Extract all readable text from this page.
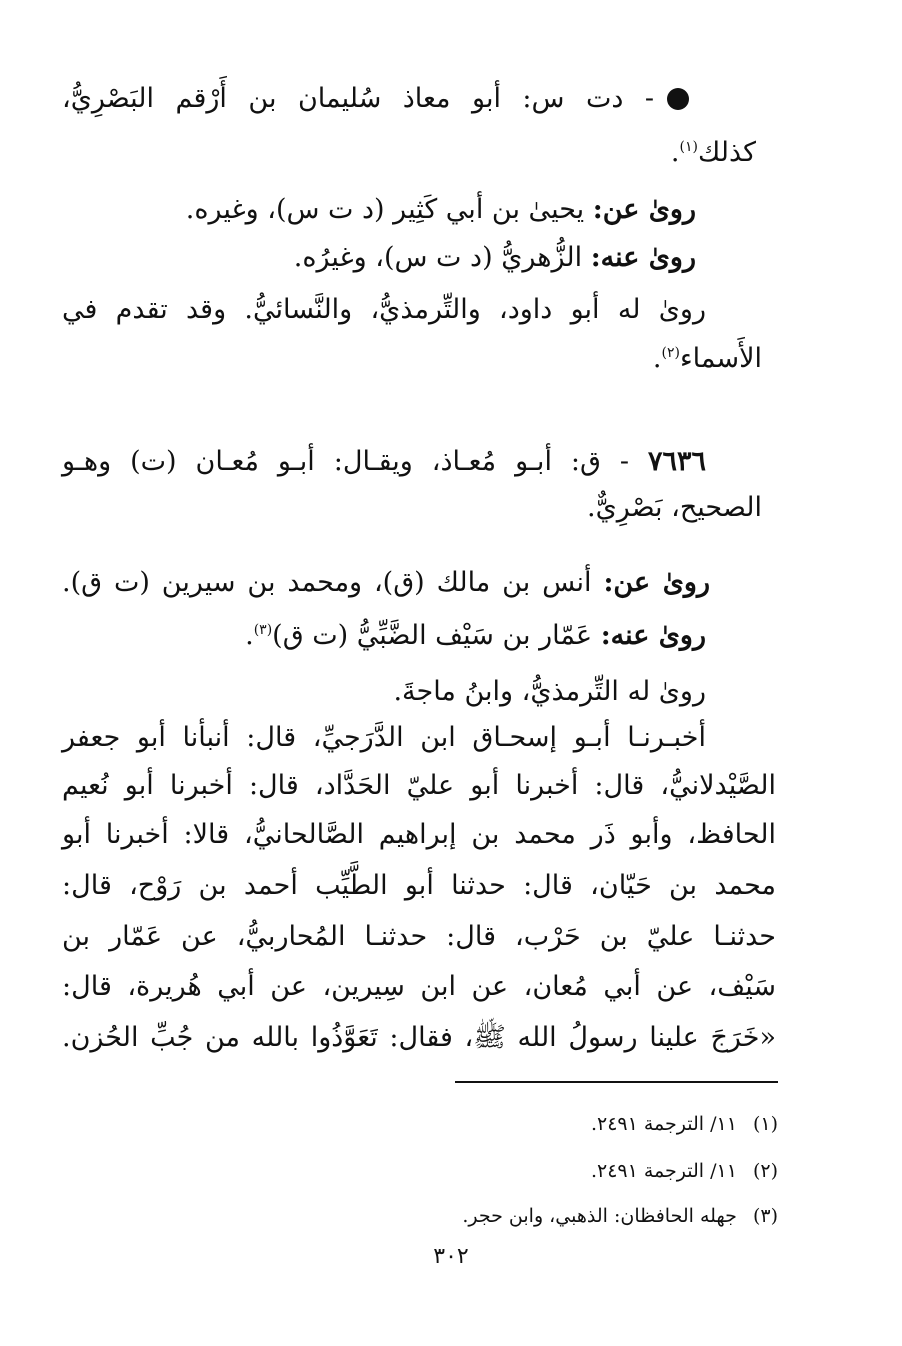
- دت س: أبو معاذ سُليمان بن أَرْقم البَصْرِيُّ،
كذلك$^{(١)}$.
روىٰ عن: يحيىٰ بن أبي كَثِير (د ت س)، وغيره.
روىٰ عنه: الزُّهريُّ (د ت س)، وغيرُه.
روىٰ له أبو داود، والتِّرمذيُّ، والنَّسائيُّ. وقد تقدم في
الأَسماء$^{(٢)}$.
٧٦٣٦ - ق: أبـو مُعـاذ، ويقـال: أبـو مُعـان (ت) وهـو
الصحيح، بَصْرِيٌّ.
روىٰ عن: أنس بن مالك (ق)، ومحمد بن سيرين (ت ق).
روىٰ عنه: عَمّار بن سَيْف الضَّبِّيُّ (ت ق)$^{(٣)}$.
روىٰ له التِّرمذيُّ، وابنُ ماجةَ.
أخبـرنـا أبـو إسحـاق ابن الدَّرَجيِّ، قال: أنبأنا أبو جعفر
الصَّيْدلانيُّ، قال: أخبرنا أبو عليّ الحَدَّاد، قال: أخبرنا أبو نُعيم
الحافظ، وأبو ذَر محمد بن إبراهيم الصَّالحانيُّ، قالا: أخبرنا أبو
محمد بن حَيّان، قال: حدثنا أبو الطَّيِّب أحمد بن رَوْح، قال:
حدثنـا عليّ بن حَرْب، قال: حدثنـا المُحاربيُّ، عن عَمّار بن
سَيْف، عن أبي مُعان، عن ابن سِيرين، عن أبي هُريرة، قال:
«خَرَجَ علينا رسولُ الله ﷺ، فقال: تَعَوَّذُوا بالله من جُبِّ الحُزن.
(١)١١/ الترجمة ٢٤٩١.
(٢)١١/ الترجمة ٢٤٩١.
(٣)جهله الحافظان: الذهبي، وابن حجر.
٣٠٢
